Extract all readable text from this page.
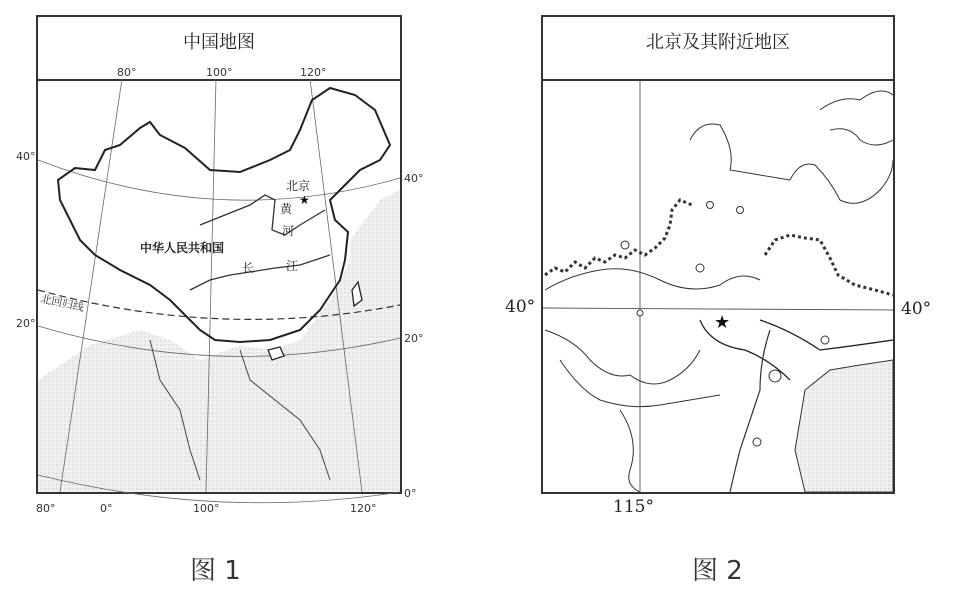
中国地图
★
80°	100°	120°
80°	0°	100°	120°
40°
20°
40°
20°
0°
北京
黄
河
中华人民共和国
长	江
北回归线
★
115°
40°	40°
北京及其附近地区
图 1	图 2
